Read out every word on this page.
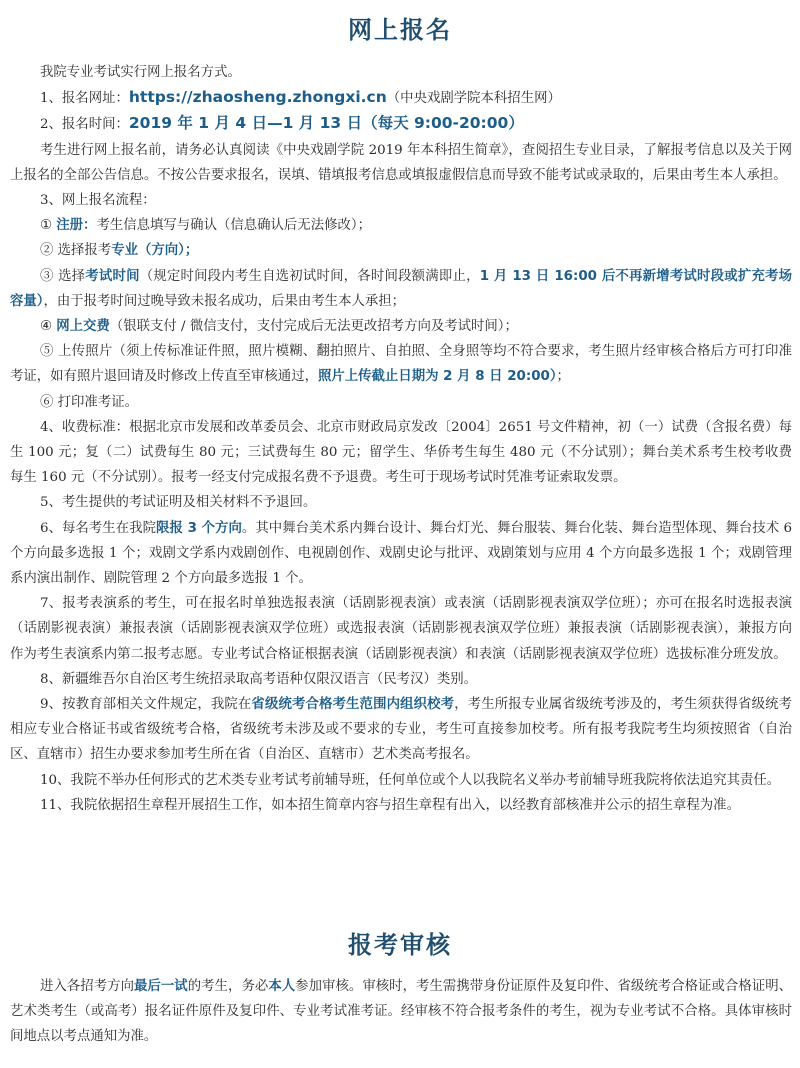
网上报名

我院专业考试实行网上报名方式。

1、报名网址：https://zhaosheng.zhongxi.cn（中央戏剧学院本科招生网）

2、报名时间：2019 年 1 月 4 日—1 月 13 日（每天 9:00-20:00）

考生进行网上报名前，请务必认真阅读《中央戏剧学院 2019 年本科招生简章》，查阅招生专业目录，了解报考信息以及关于网上报名的全部公告信息。不按公告要求报名，误填、错填报考信息或填报虚假信息而导致不能考试或录取的，后果由考生本人承担。

3、网上报名流程：

① 注册：考生信息填写与确认（信息确认后无法修改）；

② 选择报考专业（方向）；

③ 选择考试时间（规定时间段内考生自选初试时间，各时间段额满即止，1 月 13 日 16:00 后不再新增考试时段或扩充考场容量），由于报考时间过晚导致未报名成功，后果由考生本人承担；

④ 网上交费（银联支付 / 微信支付，支付完成后无法更改招考方向及考试时间）；

⑤ 上传照片（须上传标准证件照，照片模糊、翻拍照片、自拍照、全身照等均不符合要求，考生照片经审核合格后方可打印准考证，如有照片退回请及时修改上传直至审核通过，照片上传截止日期为 2 月 8 日 20:00）；

⑥ 打印准考证。

4、收费标准：根据北京市发展和改革委员会、北京市财政局京发改〔2004〕2651 号文件精神，初（一）试费（含报名费）每生 100 元；复（二）试费每生 80 元；三试费每生 80 元；留学生、华侨考生每生 480 元（不分试别）；舞台美术系考生校考收费每生 160 元（不分试别）。报考一经支付完成报名费不予退费。考生可于现场考试时凭准考证索取发票。

5、考生提供的考试证明及相关材料不予退回。

6、每名考生在我院限报 3 个方向。其中舞台美术系内舞台设计、舞台灯光、舞台服装、舞台化装、舞台造型体现、舞台技术 6 个方向最多选报 1 个；戏剧文学系内戏剧创作、电视剧创作、戏剧史论与批评、戏剧策划与应用 4 个方向最多选报 1 个；戏剧管理系内演出制作、剧院管理 2 个方向最多选报 1 个。

7、报考表演系的考生，可在报名时单独选报表演（话剧影视表演）或表演（话剧影视表演双学位班）；亦可在报名时选报表演（话剧影视表演）兼报表演（话剧影视表演双学位班）或选报表演（话剧影视表演双学位班）兼报表演（话剧影视表演），兼报方向作为考生表演系内第二报考志愿。专业考试合格证根据表演（话剧影视表演）和表演（话剧影视表演双学位班）选拔标准分班发放。

8、新疆维吾尔自治区考生统招录取高考语种仅限汉语言（民考汉）类别。

9、按教育部相关文件规定，我院在省级统考合格考生范围内组织校考，考生所报专业属省级统考涉及的，考生须获得省级统考相应专业合格证书或省级统考合格，省级统考未涉及或不要求的专业，考生可直接参加校考。所有报考我院考生均须按照省（自治区、直辖市）招生办要求参加考生所在省（自治区、直辖市）艺术类高考报名。

10、我院不举办任何形式的艺术类专业考试考前辅导班，任何单位或个人以我院名义举办考前辅导班我院将依法追究其责任。

11、我院依据招生章程开展招生工作，如本招生简章内容与招生章程有出入，以经教育部核准并公示的招生章程为准。

报考审核

进入各招考方向最后一试的考生，务必本人参加审核。审核时，考生需携带身份证原件及复印件、省级统考合格证或合格证明、艺术类考生（或高考）报名证件原件及复印件、专业考试准考证。经审核不符合报考条件的考生，视为专业考试不合格。具体审核时间地点以考点通知为准。
